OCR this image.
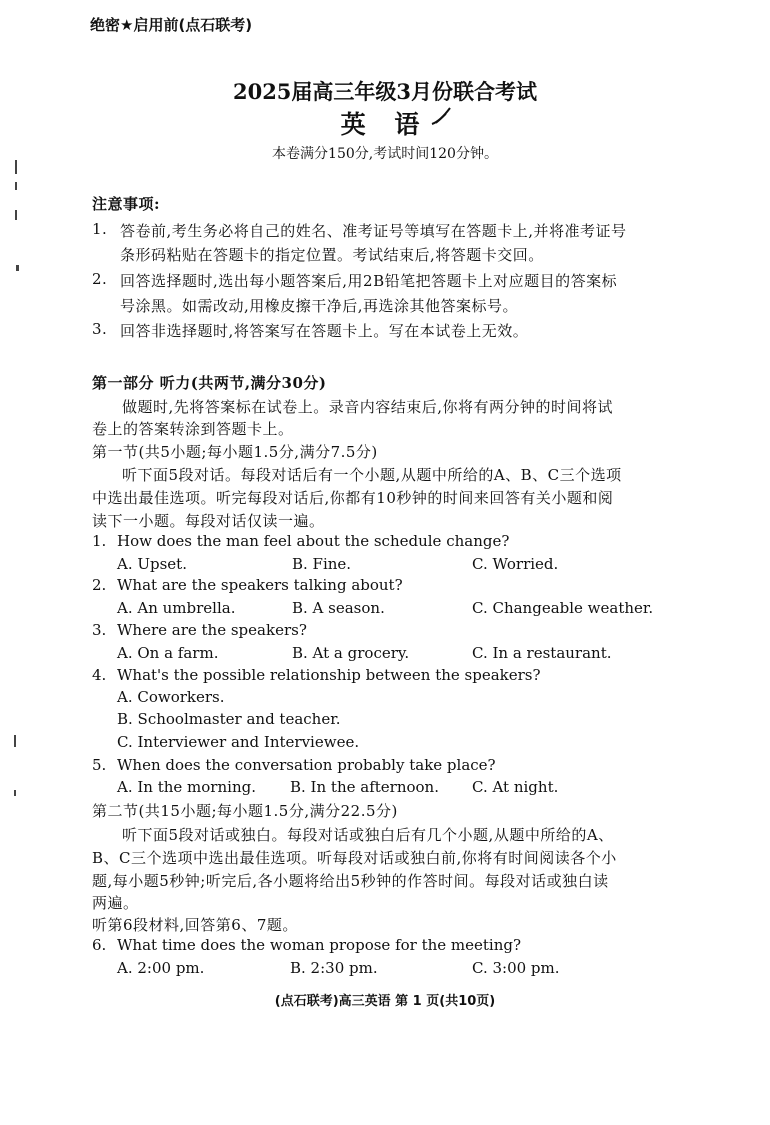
绝密★启用前(点石联考)
2025届高三年级3月份联合考试
英 语
本卷满分150分,考试时间120分钟。
注意事项:
1. 答卷前,考生务必将自己的姓名、准考证号等填写在答题卡上,并将准考证号
条形码粘贴在答题卡的指定位置。考试结束后,将答题卡交回。
2. 回答选择题时,选出每小题答案后,用2B铅笔把答题卡上对应题目的答案标
号涂黑。如需改动,用橡皮擦干净后,再选涂其他答案标号。
3. 回答非选择题时,将答案写在答题卡上。写在本试卷上无效。
第一部分 听力(共两节,满分30分)
做题时,先将答案标在试卷上。录音内容结束后,你将有两分钟的时间将试
卷上的答案转涂到答题卡上。
第一节(共5小题;每小题1.5分,满分7.5分)
听下面5段对话。每段对话后有一个小题,从题中所给的A、B、C三个选项
中选出最佳选项。听完每段对话后,你都有10秒钟的时间来回答有关小题和阅
读下一小题。每段对话仅读一遍。
1. How does the man feel about the schedule change?
A. Upset.	B. Fine.	C. Worried.
2. What are the speakers talking about?
A. An umbrella.	B. A season.	C. Changeable weather.
3. Where are the speakers?
A. On a farm.	B. At a grocery.	C. In a restaurant.
4. What's the possible relationship between the speakers?
A. Coworkers.
B. Schoolmaster and teacher.
C. Interviewer and Interviewee.
5. When does the conversation probably take place?
A. In the morning. B. In the afternoon. C. At night.
第二节(共15小题;每小题1.5分,满分22.5分)
听下面5段对话或独白。每段对话或独白后有几个小题,从题中所给的A、
B、C三个选项中选出最佳选项。听每段对话或独白前,你将有时间阅读各个小
题,每小题5秒钟;听完后,各小题将给出5秒钟的作答时间。每段对话或独白读
两遍。
听第6段材料,回答第6、7题。
6. What time does the woman propose for the meeting?
A. 2:00 pm.	B. 2:30 pm.	C. 3:00 pm.
(点石联考)高三英语 第 1 页(共10页)
